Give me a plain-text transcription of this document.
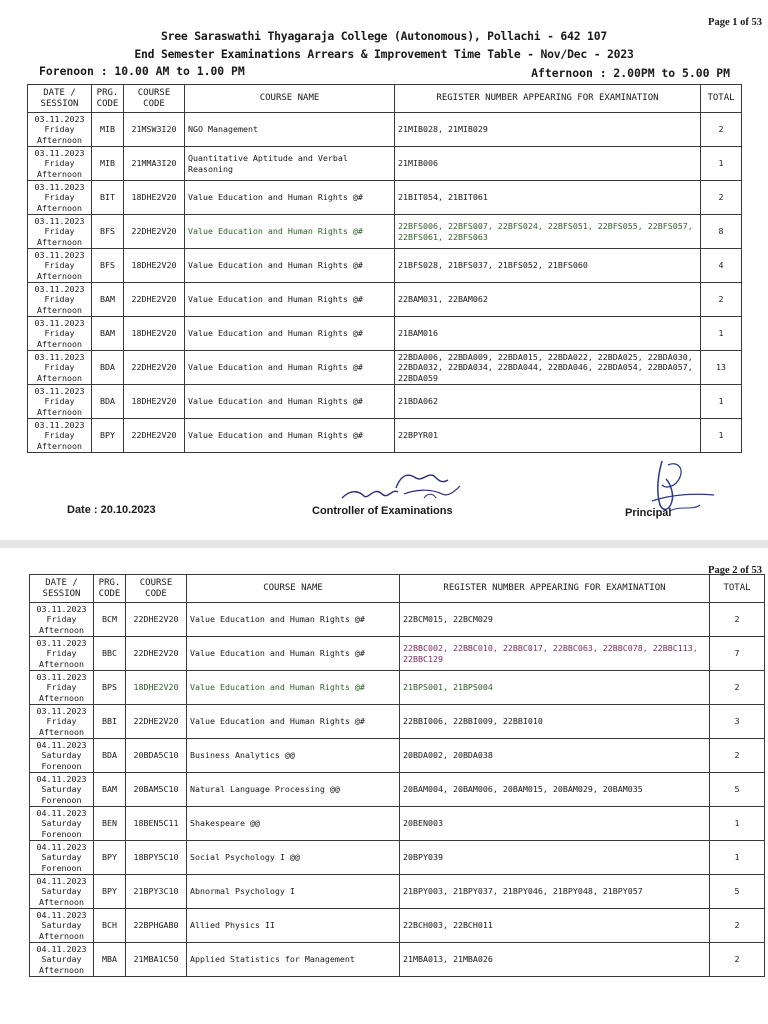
Page 1 of 53
Sree Saraswathi Thyagaraja College (Autonomous), Pollachi - 642 107
End Semester Examinations Arrears & Improvement Time Table - Nov/Dec - 2023
Forenoon : 10.00 AM to 1.00 PM	Afternoon : 2.00PM to 5.00 PM
DATE /
SESSION	PRG.
CODE	COURSE
CODE	COURSE NAME	REGISTER NUMBER APPEARING FOR EXAMINATION	TOTAL
03.11.2023
Friday
Afternoon	MIB	21MSW3I20	NGO Management	21MIB028, 21MIB029	2
03.11.2023
Friday
Afternoon	MIB	21MMA3I20	Quantitative Aptitude and Verbal Reasoning	21MIB006	1
03.11.2023
Friday
Afternoon	BIT	18DHE2V20	Value Education and Human Rights @#	21BIT054, 21BIT061	2
03.11.2023
Friday
Afternoon	BFS	22DHE2V20	Value Education and Human Rights @#	22BFS006, 22BFS007, 22BFS024, 22BFS051, 22BFS055, 22BFS057, 22BFS061, 22BFS063	8
03.11.2023
Friday
Afternoon	BFS	18DHE2V20	Value Education and Human Rights @#	21BFS028, 21BFS037, 21BFS052, 21BFS060	4
03.11.2023
Friday
Afternoon	BAM	22DHE2V20	Value Education and Human Rights @#	22BAM031, 22BAM062	2
03.11.2023
Friday
Afternoon	BAM	18DHE2V20	Value Education and Human Rights @#	21BAM016	1
03.11.2023
Friday
Afternoon	BDA	22DHE2V20	Value Education and Human Rights @#	22BDA006, 22BDA009, 22BDA015, 22BDA022, 22BDA025, 22BDA030, 22BDA032, 22BDA034, 22BDA044, 22BDA046, 22BDA054, 22BDA057, 22BDA059	13
03.11.2023
Friday
Afternoon	BDA	18DHE2V20	Value Education and Human Rights @#	21BDA062	1
03.11.2023
Friday
Afternoon	BPY	22DHE2V20	Value Education and Human Rights @#	22BPYR01	1
Date : 20.10.2023	Controller of Examinations	Principal
Page 2 of 53
DATE /
SESSION	PRG.
CODE	COURSE
CODE	COURSE NAME	REGISTER NUMBER APPEARING FOR EXAMINATION	TOTAL
03.11.2023
Friday
Afternoon	BCM	22DHE2V20	Value Education and Human Rights @#	22BCM015, 22BCM029	2
03.11.2023
Friday
Afternoon	BBC	22DHE2V20	Value Education and Human Rights @#	22BBC002, 22BBC010, 22BBC017, 22BBC063, 22BBC078, 22BBC113, 22BBC129	7
03.11.2023
Friday
Afternoon	BPS	18DHE2V20	Value Education and Human Rights @#	21BPS001, 21BPS004	2
03.11.2023
Friday
Afternoon	BBI	22DHE2V20	Value Education and Human Rights @#	22BBI006, 22BBI009, 22BBI010	3
04.11.2023
Saturday
Forenoon	BDA	20BDA5C10	Business Analytics @@	20BDA002, 20BDA038	2
04.11.2023
Saturday
Forenoon	BAM	20BAM5C10	Natural Language Processing @@	20BAM004, 20BAM006, 20BAM015, 20BAM029, 20BAM035	5
04.11.2023
Saturday
Forenoon	BEN	18BEN5C11	Shakespeare @@	20BEN003	1
04.11.2023
Saturday
Forenoon	BPY	18BPY5C10	Social Psychology I @@	20BPY039	1
04.11.2023
Saturday
Afternoon	BPY	21BPY3C10	Abnormal Psychology I	21BPY003, 21BPY037, 21BPY046, 21BPY048, 21BPY057	5
04.11.2023
Saturday
Afternoon	BCH	22BPHGAB0	Allied Physics II	22BCH003, 22BCH011	2
04.11.2023
Saturday
Afternoon	MBA	21MBA1C50	Applied Statistics for Management	21MBA013, 21MBA026	2
